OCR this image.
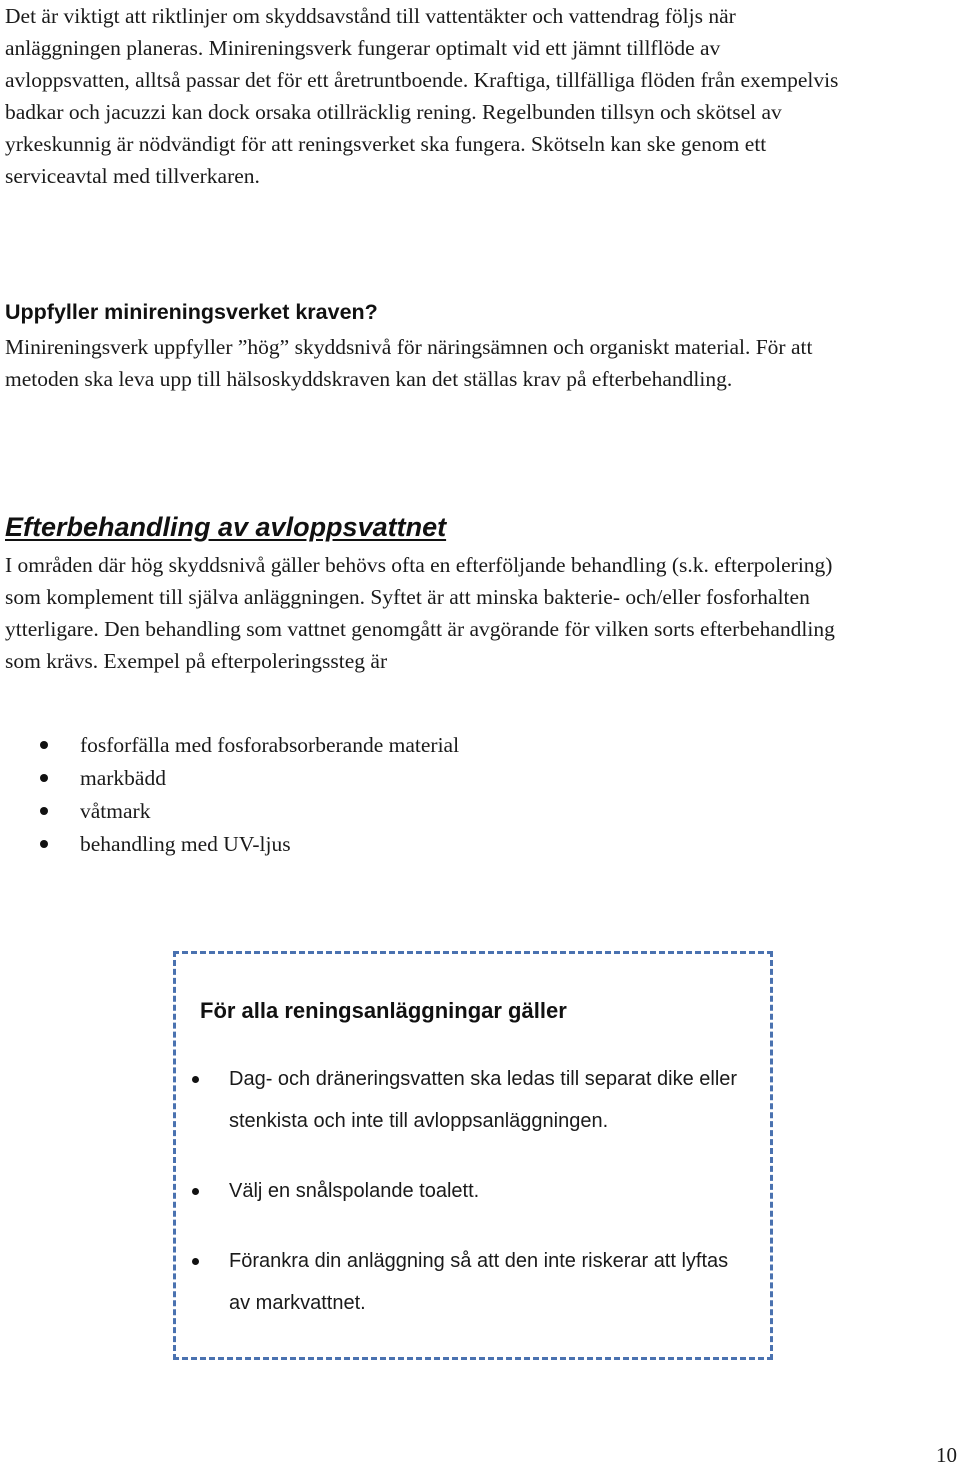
Det är viktigt att riktlinjer om skyddsavstånd till vattentäkter och vattendrag följs när anläggningen planeras. Minireningsverk fungerar optimalt vid ett jämnt tillflöde av avloppsvatten, alltså passar det för ett åretruntboende. Kraftiga, tillfälliga flöden från exempelvis badkar och jacuzzi kan dock orsaka otillräcklig rening. Regelbunden tillsyn och skötsel av yrkeskunnig är nödvändigt för att reningsverket ska fungera. Skötseln kan ske genom ett serviceavtal med tillverkaren.

Uppfyller minireningsverket kraven?

Minireningsverk uppfyller ”hög” skyddsnivå för näringsämnen och organiskt material. För att metoden ska leva upp till hälsoskyddskraven kan det ställas krav på efterbehandling.

Efterbehandling av avloppsvattnet

I områden där hög skyddsnivå gäller behövs ofta en efterföljande behandling (s.k. efterpolering) som komplement till själva anläggningen. Syftet är att minska bakterie- och/eller fosforhalten ytterligare. Den behandling som vattnet genomgått är avgörande för vilken sorts efterbehandling som krävs. Exempel på efterpoleringssteg är

fosforfälla med fosforabsorberande material
markbädd
våtmark
behandling med UV-ljus
För alla reningsanläggningar gäller
Dag- och dräneringsvatten ska ledas till separat dike eller stenkista och inte till avloppsanläggningen.
Välj en snålspolande toalett.
Förankra din anläggning så att den inte riskerar att lyftas av markvattnet.

10
